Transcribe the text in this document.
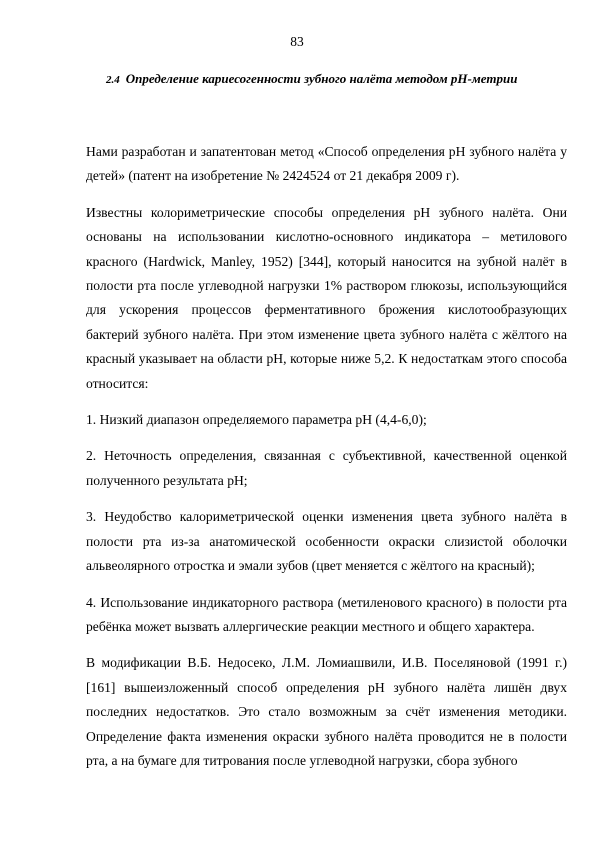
83
2.4 Определение кариесогенности зубного налёта методом рН-метрии

Нами разработан и запатентован метод «Способ определения рН зубного налёта у детей» (патент на изобретение № 2424524 от 21 декабря 2009 г).

Известны колориметрические способы определения рН зубного налёта. Они основаны на использовании кислотно-основного индикатора – метилового красного (Hardwick, Manley, 1952) [344], который наносится на зубной налёт в полости рта после углеводной нагрузки 1% раствором глюкозы, использующийся для ускорения процессов ферментативного брожения кислотообразующих бактерий зубного налёта. При этом изменение цвета зубного налёта с жёлтого на красный указывает на области рН, которые ниже 5,2. К недостаткам этого способа относится:

1. Низкий диапазон определяемого параметра рН (4,4-6,0);

2. Неточность определения, связанная с субъективной, качественной оценкой полученного результата рН;

3. Неудобство калориметрической оценки изменения цвета зубного налёта в полости рта из-за анатомической особенности окраски слизистой оболочки альвеолярного отростка и эмали зубов (цвет меняется с жёлтого на красный);

4. Использование индикаторного раствора (метиленового красного) в полости рта ребёнка может вызвать аллергические реакции местного и общего характера.

В модификации В.Б. Недосеко, Л.М. Ломиашвили, И.В. Поселяновой (1991 г.) [161] вышеизложенный способ определения рН зубного налёта лишён двух последних недостатков. Это стало возможным за счёт изменения методики. Определение факта изменения окраски зубного налёта проводится не в полости рта, а на бумаге для титрования после углеводной нагрузки, сбора зубного
